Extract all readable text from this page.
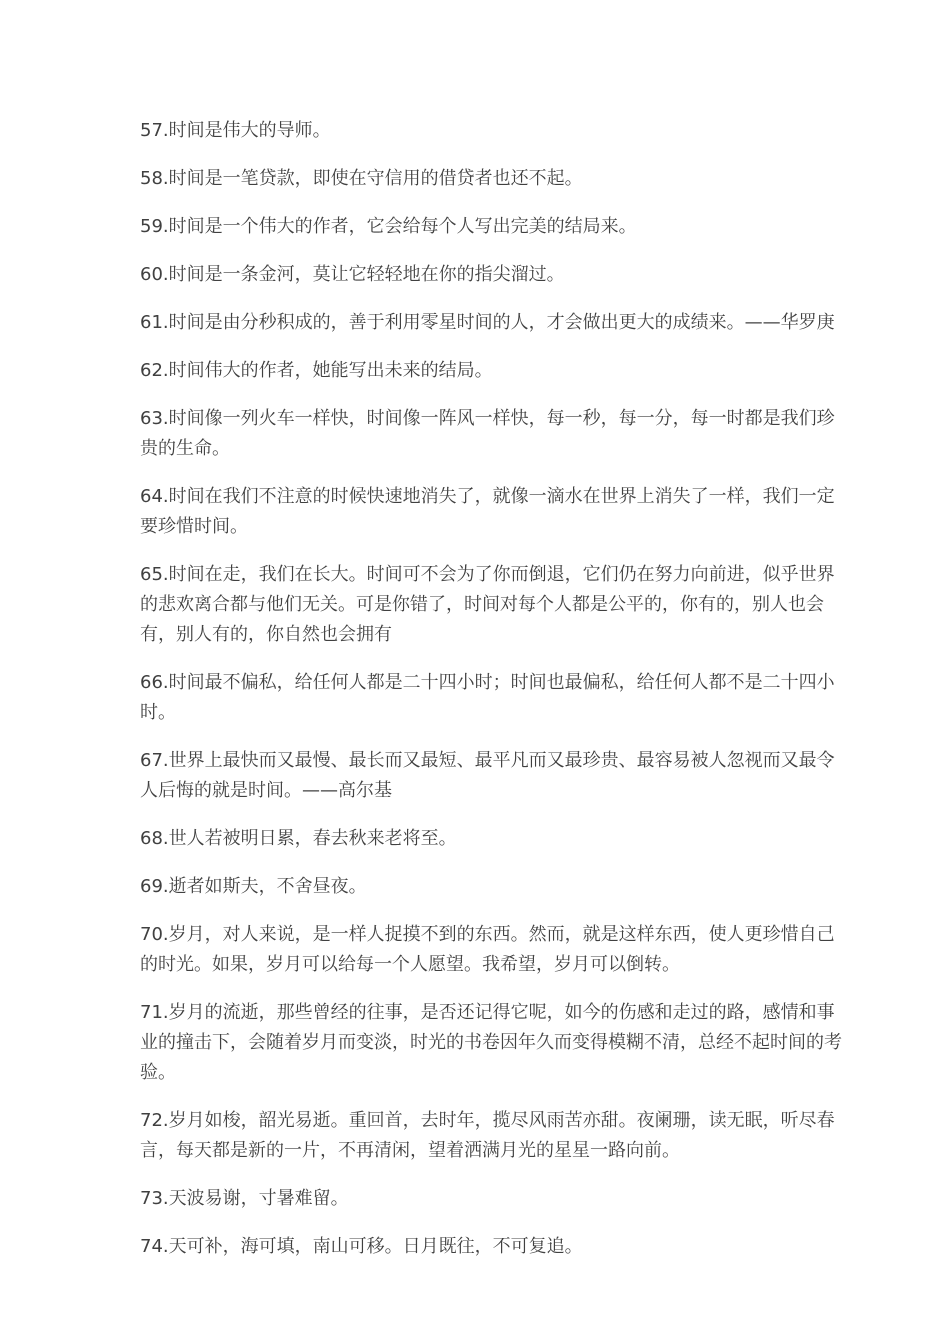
57.时间是伟大的导师。

58.时间是一笔贷款，即使在守信用的借贷者也还不起。

59.时间是一个伟大的作者，它会给每个人写出完美的结局来。

60.时间是一条金河，莫让它轻轻地在你的指尖溜过。

61.时间是由分秒积成的，善于利用零星时间的人，才会做出更大的成绩来。——华罗庚

62.时间伟大的作者，她能写出未来的结局。

63.时间像一列火车一样快，时间像一阵风一样快，每一秒，每一分，每一时都是我们珍贵的生命。

64.时间在我们不注意的时候快速地消失了，就像一滴水在世界上消失了一样，我们一定要珍惜时间。

65.时间在走，我们在长大。时间可不会为了你而倒退，它们仍在努力向前进，似乎世界的悲欢离合都与他们无关。可是你错了，时间对每个人都是公平的，你有的，别人也会有，别人有的，你自然也会拥有

66.时间最不偏私，给任何人都是二十四小时；时间也最偏私，给任何人都不是二十四小时。

67.世界上最快而又最慢、最长而又最短、最平凡而又最珍贵、最容易被人忽视而又最令人后悔的就是时间。——高尔基

68.世人若被明日累，春去秋来老将至。

69.逝者如斯夫，不舍昼夜。

70.岁月，对人来说，是一样人捉摸不到的东西。然而，就是这样东西，使人更珍惜自己的时光。如果，岁月可以给每一个人愿望。我希望，岁月可以倒转。

71.岁月的流逝，那些曾经的往事，是否还记得它呢，如今的伤感和走过的路，感情和事业的撞击下，会随着岁月而变淡，时光的书卷因年久而变得模糊不清，总经不起时间的考验。

72.岁月如梭，韶光易逝。重回首，去时年，揽尽风雨苦亦甜。夜阑珊，读无眠，听尽春言，每天都是新的一片，不再清闲，望着洒满月光的星星一路向前。

73.天波易谢，寸暑难留。

74.天可补，海可填，南山可移。日月既往，不可复追。
